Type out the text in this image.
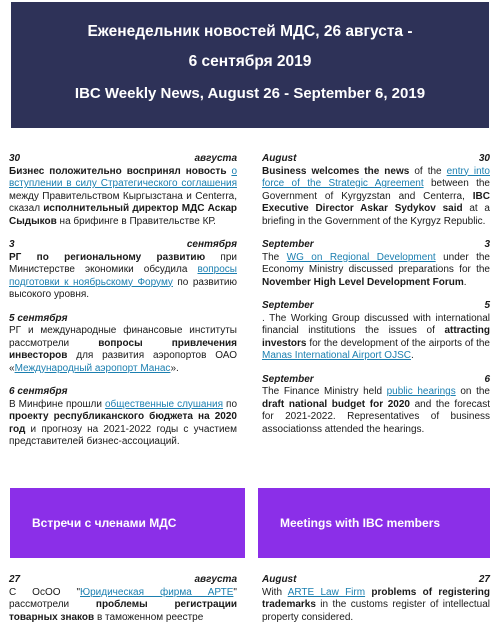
Еженедельник новостей МДС, 26 августа -
6 сентября 2019
IBC Weekly News, August 26 - September 6, 2019
30	августа
Бизнес положительно воспринял новость о вступлении в силу Стратегического соглашения между Правительством Кыргызстана и Centerra, сказал исполнительный директор МДС Аскар Сыдыков на брифинге в Правительстве КР.
3	сентября
РГ по региональному развитию при Министерстве экономики обсудила вопросы подготовки к ноябрьскому Форуму по развитию высокого уровня.
5 сентября
РГ и международные финансовые институты рассмотрели вопросы привлечения инвесторов для развития аэропортов ОАО «Международный аэропорт Манас».
6 сентября
В Минфине прошли общественные слушания по проекту республиканского бюджета на 2020 год и прогнозу на 2021-2022 годы с участием представителей бизнес-ассоциаций.
August	30
Business welcomes the news of the entry into force of the Strategic Agreement between the Government of Kyrgyzstan and Centerra, IBC Executive Director Askar Sydykov said at a briefing in the Government of the Kyrgyz Republic.
September	3
The WG on Regional Development under the Economy Ministry discussed preparations for the November High Level Development Forum.
September	5
. The Working Group discussed with international financial institutions the issues of attracting investors for the development of the airports of the Manas International Airport OJSC.
September	6
The Finance Ministry held public hearings on the draft national budget for 2020 and the forecast for 2021-2022. Representatives of business associationss attended the hearings.
Встречи с членами МДС	Meetings with IBC members
27	августа
С ОсОО "Юридическая фирма АРТЕ" рассмотрели проблемы регистрации товарных знаков в таможенном реестре
August	27
With ARTE Law Firm problems of registering trademarks in the customs register of intellectual property considered.
